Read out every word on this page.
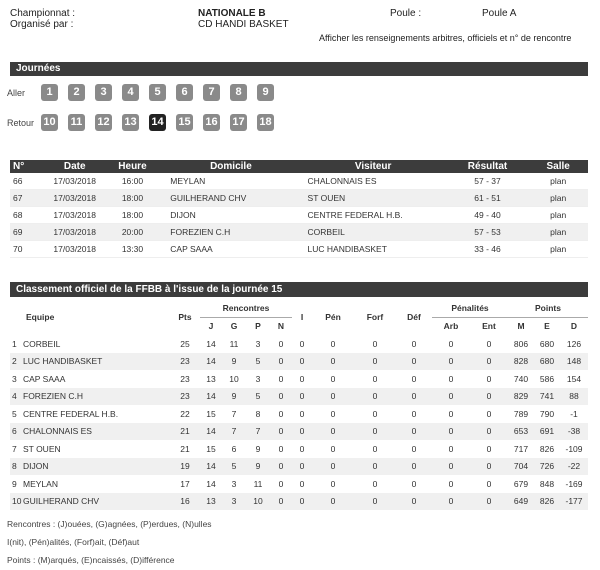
Championnat :	NATIONALE B	Poule :	Poule A
Organisé par :	CD HANDI BASKET
Afficher les renseignements arbitres, officiels et n° de rencontre
Journées
Aller
Retour
1	2	3	4	5	6	7	8	9
10 11 12 13 14 15 16 17 18
N°	Date	Heure	Domicile	Visiteur	Résultat	Salle
66	17/03/2018	16:00	MEYLAN	CHALONNAIS ES	57 - 37	plan
67	17/03/2018	18:00	GUILHERAND CHV	ST OUEN	61 - 51	plan
68	17/03/2018	18:00	DIJON	CENTRE FEDERAL H.B.	49 - 40	plan
69	17/03/2018	20:00	FOREZIEN C.H	CORBEIL	57 - 53	plan
70	17/03/2018	13:30	CAP SAAA	LUC HANDIBASKET	33 - 46	plan
Classement officiel de la FFBB à l'issue de la journée 15
Equipe	Pts	Rencontres				I	Pén	Forf	Déf	Pénalités		Points		
		J	G	P	N					Arb	Ent	M	E	D
1 CORBEIL	25	14	11	3	0	0	0	0	0	0	0	806	680	126
2 LUC HANDIBASKET	23	14	9	5	0	0	0	0	0	0	0	828	680	148
3 CAP SAAA	23	13	10	3	0	0	0	0	0	0	0	740	586	154
4 FOREZIEN C.H	23	14	9	5	0	0	0	0	0	0	0	829	741	88
5 CENTRE FEDERAL H.B.	22	15	7	8	0	0	0	0	0	0	0	789	790	-1
6 CHALONNAIS ES	21	14	7	7	0	0	0	0	0	0	0	653	691	-38
7 ST OUEN	21	15	6	9	0	0	0	0	0	0	0	717	826	-109
8 DIJON	19	14	5	9	0	0	0	0	0	0	0	704	726	-22
9 MEYLAN	17	14	3	11	0	0	0	0	0	0	0	679	848	-169
10 GUILHERAND CHV	16	13	3	10	0	0	0	0	0	0	0	649	826	-177
Rencontres : (J)ouées, (G)agnées, (P)erdues, (N)ulles
I(nit), (Pén)alités, (Forf)ait, (Déf)aut
Points : (M)arqués, (E)ncaissés, (D)ifférence
